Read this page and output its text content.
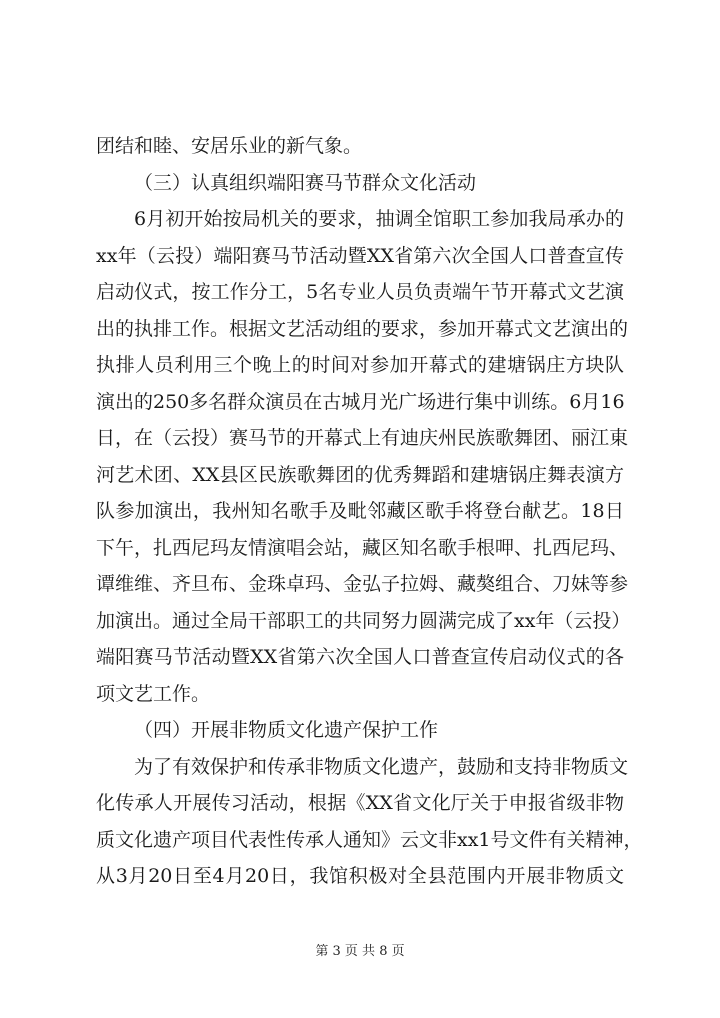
团结和睦、安居乐业的新气象。
（三）认真组织端阳赛马节群众文化活动
6月初开始按局机关的要求，抽调全馆职工参加我局承办的
xx年（云投）端阳赛马节活动暨XX省第六次全国人口普查宣传
启动仪式，按工作分工，5名专业人员负责端午节开幕式文艺演
出的执排工作。根据文艺活动组的要求，参加开幕式文艺演出的
执排人员利用三个晚上的时间对参加开幕式的建塘锅庄方块队
演出的250多名群众演员在古城月光广场进行集中训练。6月16
日，在（云投）赛马节的开幕式上有迪庆州民族歌舞团、丽江東
河艺术团、XX县区民族歌舞团的优秀舞蹈和建塘锅庄舞表演方
队参加演出，我州知名歌手及毗邻藏区歌手将登台献艺。18日
下午，扎西尼玛友情演唱会站，藏区知名歌手根呷、扎西尼玛、
谭维维、齐旦布、金珠卓玛、金弘子拉姆、藏獒组合、刀妹等参
加演出。通过全局干部职工的共同努力圆满完成了xx年（云投）
端阳赛马节活动暨XX省第六次全国人口普查宣传启动仪式的各
项文艺工作。
（四）开展非物质文化遗产保护工作
为了有效保护和传承非物质文化遗产，鼓励和支持非物质文
化传承人开展传习活动，根据《XX省文化厅关于申报省级非物
质文化遗产项目代表性传承人通知》云文非xx1号文件有关精神，
从3月20日至4月20日，我馆积极对全县范围内开展非物质文
第 3 页 共 8 页
